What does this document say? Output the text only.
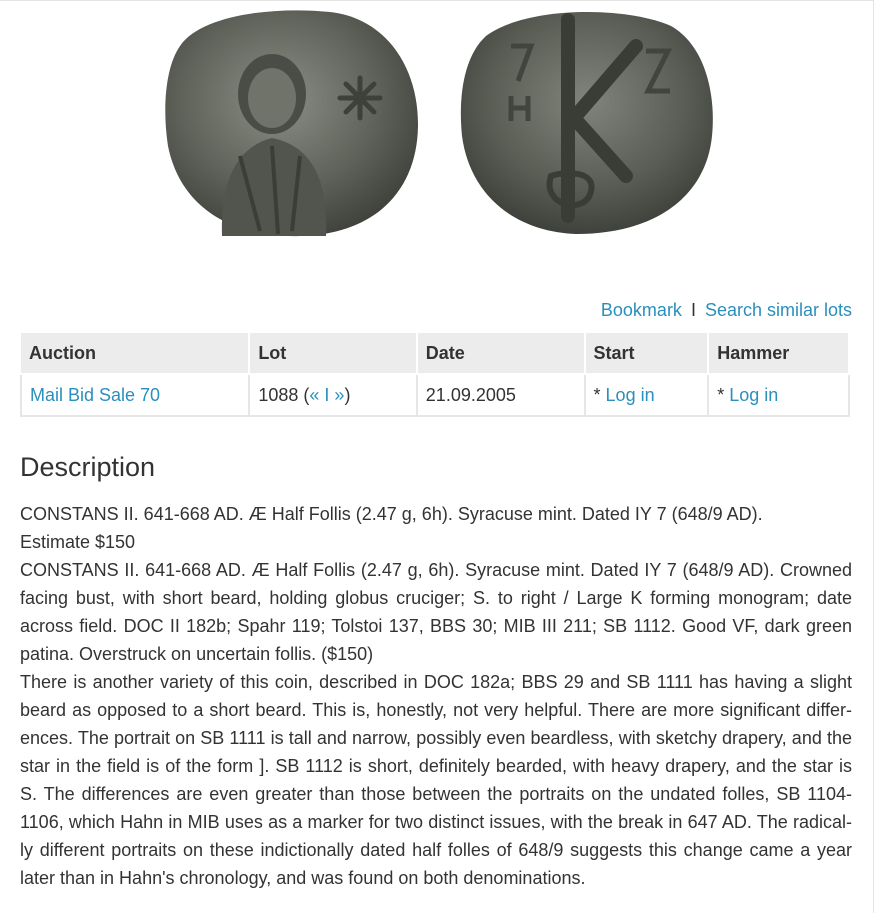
Bookmark I Search similar lots
Auction	Lot	Date	Start	Hammer
Mail Bid Sale 70	1088 (« I »)	21.09.2005	* Log in	* Log in
Description

CONSTANS II. 641-668 AD. Æ Half Follis (2.47 g, 6h). Syracuse mint. Dated IY 7 (648/9 AD).

Estimate $150

CONSTANS II. 641-668 AD. Æ Half Follis (2.47 g, 6h). Syracuse mint. Dated IY 7 (648/9 AD). Crowned facing bust, with short beard, holding globus cruciger; S. to right / Large K forming monogram; date across field. DOC II 182b; Spahr 119; Tolstoi 137, BBS 30; MIB III 211; SB 1112. Good VF, dark green patina. Overstruck on uncertain follis. ($150)

There is another variety of this coin, described in DOC 182a; BBS 29 and SB 1111 has having a slight beard as opposed to a short beard. This is, honestly, not very helpful. There are more significant differences. The portrait on SB 1111 is tall and narrow, possibly even beardless, with sketchy drapery, and the star in the field is of the form ]. SB 1112 is short, definitely bearded, with heavy drapery, and the star is S. The differences are even greater than those between the portraits on the undated folles, SB 1104-1106, which Hahn in MIB uses as a marker for two distinct issues, with the break in 647 AD. The radically different portraits on these indictionally dated half folles of 648/9 suggests this change came a year later than in Hahn's chronology, and was found on both denominations.
